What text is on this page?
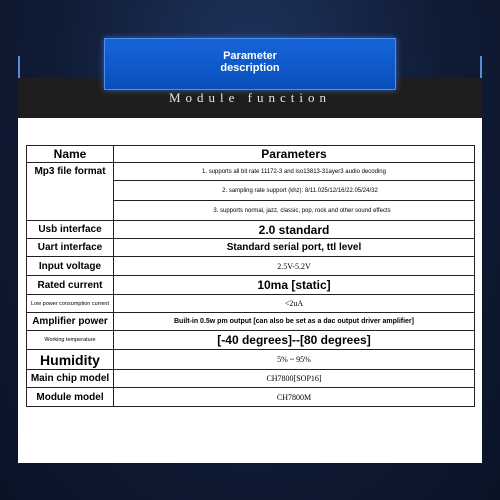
Module function
Parameter
description
Name	Parameters
Mp3 file format	1. supports all bit rate 11172-3 and iso13813-31ayer3 audio decoding
	2. sampling rate support (khz): 8/11.025/12/16/22.05/24/32
	3. supports normal, jazz, classic, pop, rock and other sound effects
Usb interface	2.0 standard
Uart interface	Standard serial port, ttl level
Input voltage	2.5V-5.2V
Rated current	10ma [static]
Low power consumption current	<2uA
Amplifier power	Built-in 0.5w pm output [can also be set as a dac output driver amplifier]
Working temperature	[-40 degrees]--[80 degrees]
Humidity	5% ~ 95%
Main chip model	CH7800[SOP16]
Module model	CH7800M
